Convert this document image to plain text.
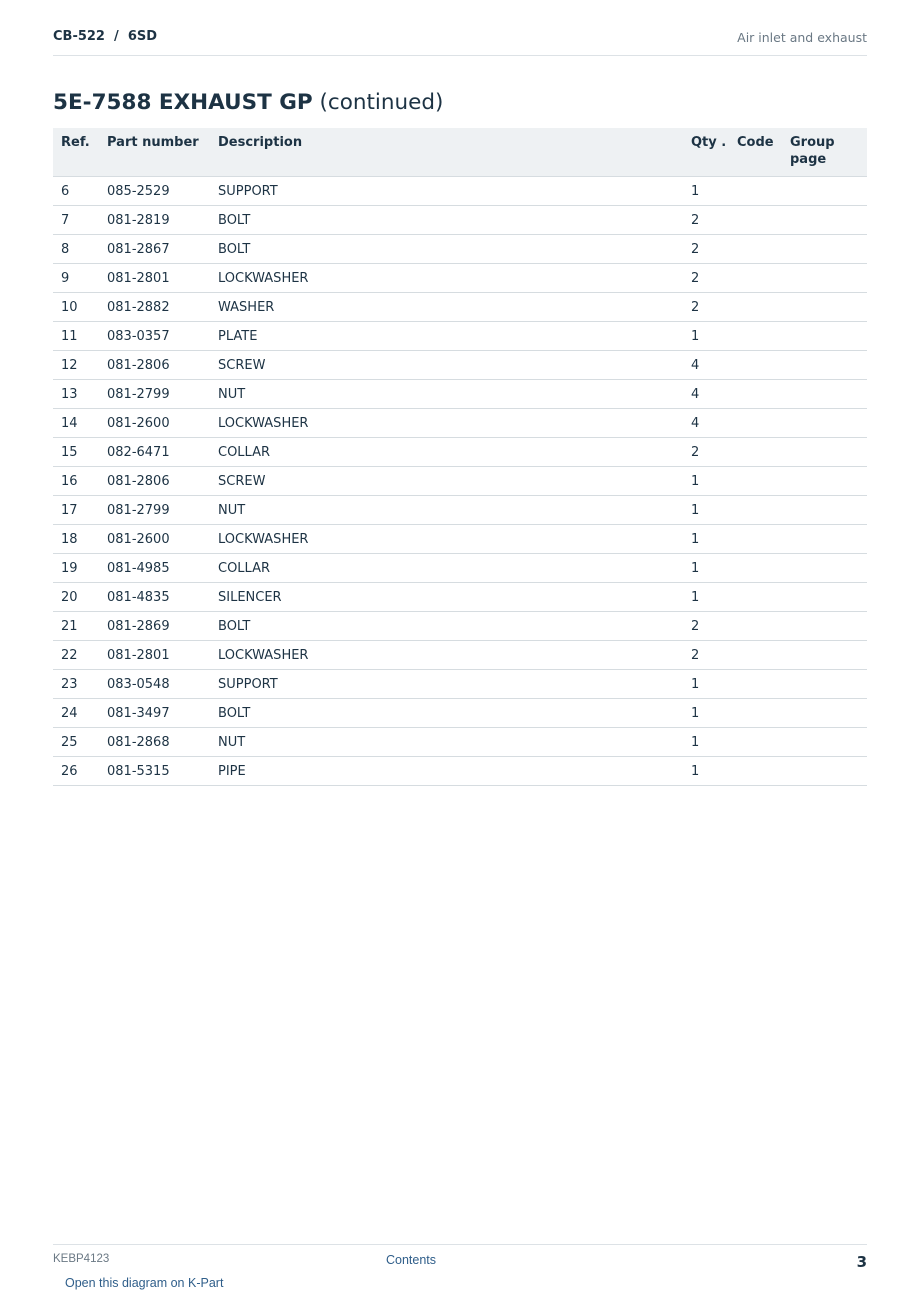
CB-522  /  6SD	Air inlet and exhaust
5E-7588 EXHAUST GP (continued)
Ref.	Part number	Description	Qty .	Code	Group page
6	085-2529	SUPPORT	1		
7	081-2819	BOLT	2		
8	081-2867	BOLT	2		
9	081-2801	LOCKWASHER	2		
10	081-2882	WASHER	2		
11	083-0357	PLATE	1		
12	081-2806	SCREW	4		
13	081-2799	NUT	4		
14	081-2600	LOCKWASHER	4		
15	082-6471	COLLAR	2		
16	081-2806	SCREW	1		
17	081-2799	NUT	1		
18	081-2600	LOCKWASHER	1		
19	081-4985	COLLAR	1		
20	081-4835	SILENCER	1		
21	081-2869	BOLT	2		
22	081-2801	LOCKWASHER	2		
23	083-0548	SUPPORT	1		
24	081-3497	BOLT	1		
25	081-2868	NUT	1		
26	081-5315	PIPE	1		
KEBP4123	Contents	3
Open this diagram on K-Part
